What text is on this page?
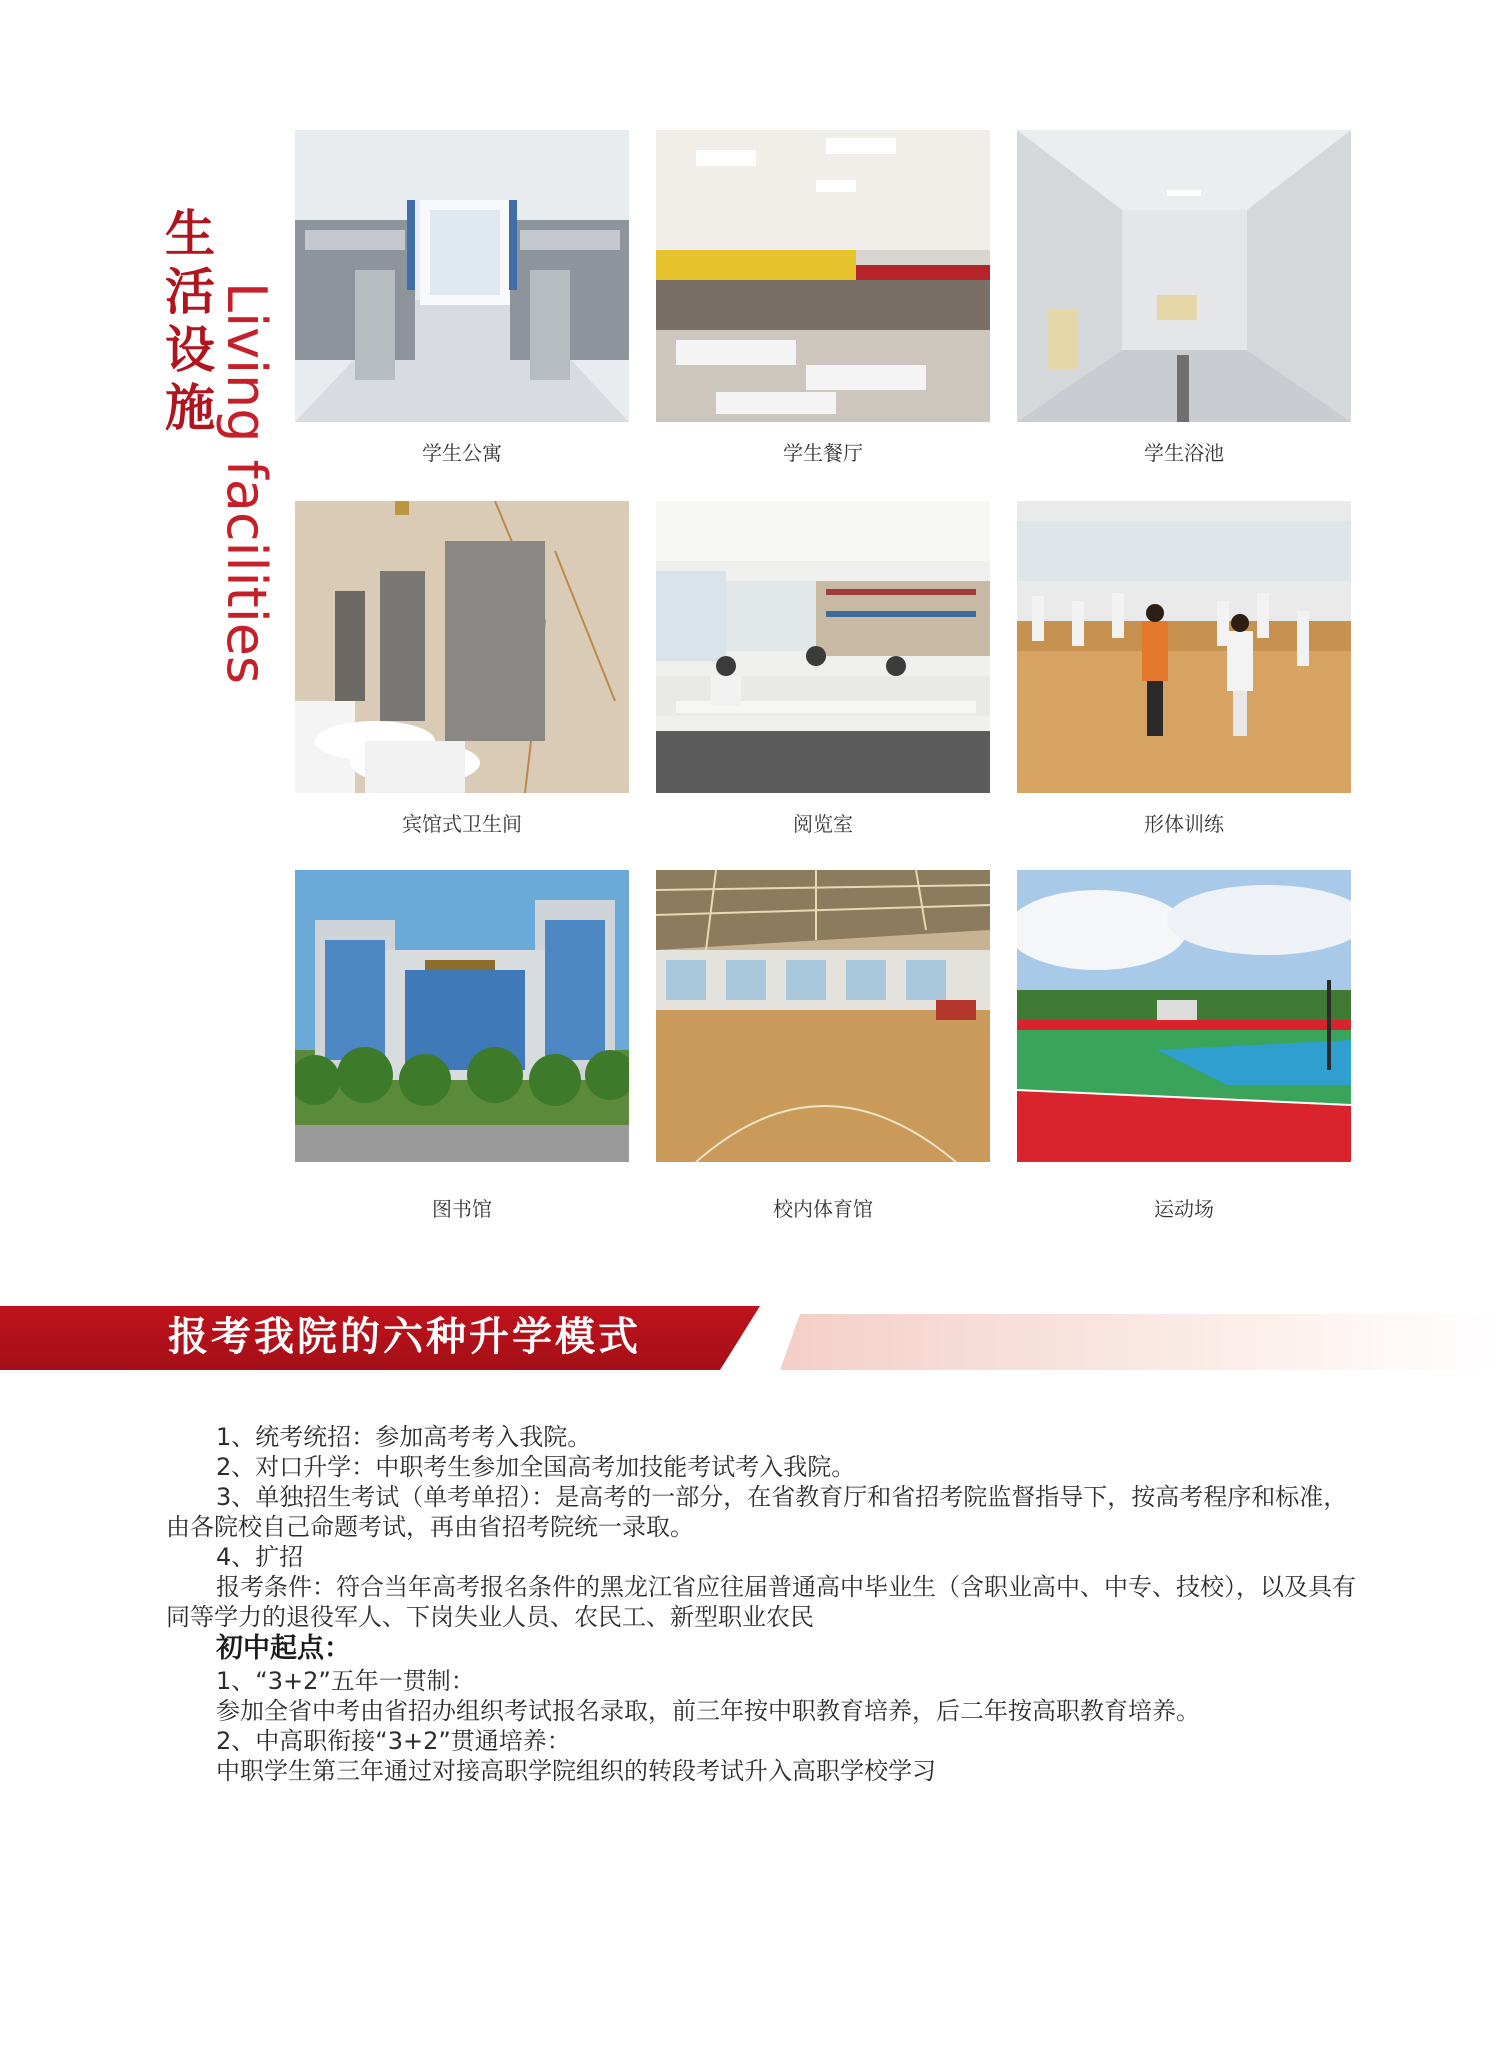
生
活
设
施 Living facilities	学生公寓	学生餐厅	学生浴池
宾馆式卫生间	阅览室	形体训练
图书馆	校内体育馆	运动场
报考我院的六种升学模式

1、统考统招：参加高考考入我院。

2、对口升学：中职考生参加全国高考加技能考试考入我院。

3、单独招生考试（单考单招）：是高考的一部分，在省教育厅和省招考院监督指导下，按高考程序和标准，由各院校自己命题考试，再由省招考院统一录取。

4、扩招

报考条件：符合当年高考报名条件的黑龙江省应往届普通高中毕业生（含职业高中、中专、技校），以及具有同等学力的退役军人、下岗失业人员、农民工、新型职业农民

初中起点：

1、“3+2”五年一贯制：

参加全省中考由省招办组织考试报名录取，前三年按中职教育培养，后二年按高职教育培养。

2、中高职衔接“3+2”贯通培养：

中职学生第三年通过对接高职学院组织的转段考试升入高职学校学习
